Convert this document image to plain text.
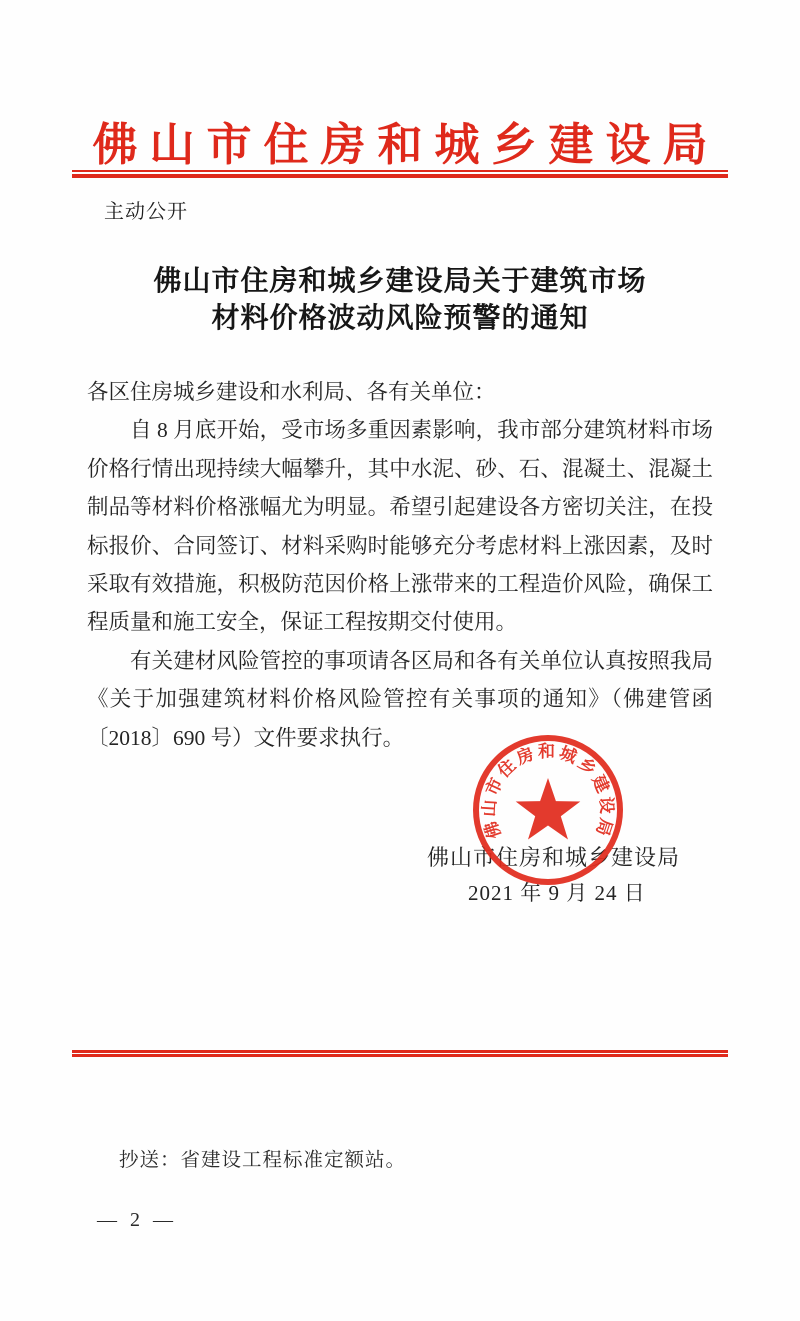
佛山市住房和城乡建设局
主动公开
佛山市住房和城乡建设局关于建筑市场
材料价格波动风险预警的通知

各区住房城乡建设和水利局、各有关单位：

自 8 月底开始，受市场多重因素影响，我市部分建筑材料市场价格行情出现持续大幅攀升，其中水泥、砂、石、混凝土、混凝土制品等材料价格涨幅尤为明显。希望引起建设各方密切关注，在投标报价、合同签订、材料采购时能够充分考虑材料上涨因素，及时采取有效措施，积极防范因价格上涨带来的工程造价风险，确保工程质量和施工安全，保证工程按期交付使用。

有关建材风险管控的事项请各区局和各有关单位认真按照我局《关于加强建筑材料价格风险管控有关事项的通知》（佛建管函〔2018〕690 号）文件要求执行。

佛山市住房和城乡建设局
佛山市住房和城乡建设局
2021 年 9 月 24 日
抄送：省建设工程标准定额站。
— 2 —
